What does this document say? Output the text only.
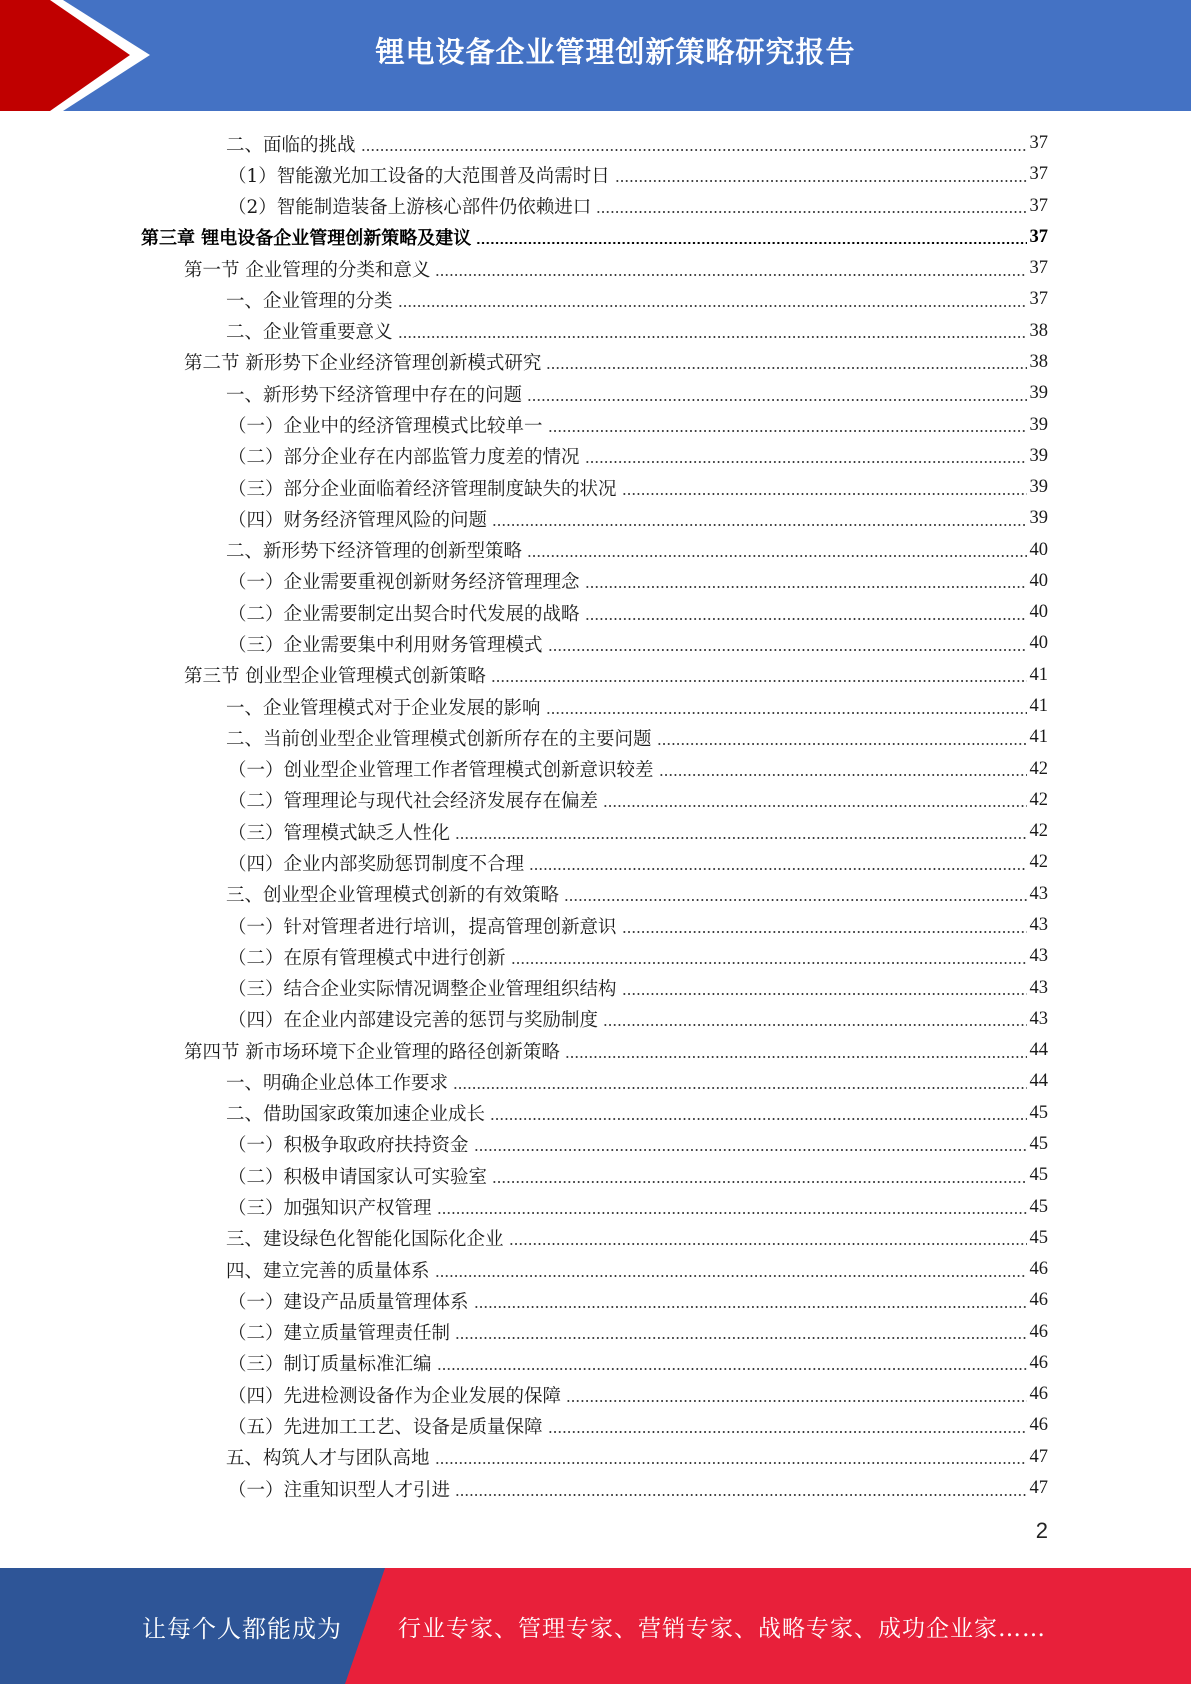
锂电设备企业管理创新策略研究报告
二、面临的挑战	37
（1）智能激光加工设备的大范围普及尚需时日	37
（2）智能制造装备上游核心部件仍依赖进口	37
第三章 锂电设备企业管理创新策略及建议	37
第一节 企业管理的分类和意义	37
一、企业管理的分类	37
二、企业管重要意义	38
第二节 新形势下企业经济管理创新模式研究	38
一、新形势下经济管理中存在的问题	39
（一）企业中的经济管理模式比较单一	39
（二）部分企业存在内部监管力度差的情况	39
（三）部分企业面临着经济管理制度缺失的状况	39
（四）财务经济管理风险的问题	39
二、新形势下经济管理的创新型策略	40
（一）企业需要重视创新财务经济管理理念	40
（二）企业需要制定出契合时代发展的战略	40
（三）企业需要集中利用财务管理模式	40
第三节 创业型企业管理模式创新策略	41
一、企业管理模式对于企业发展的影响	41
二、当前创业型企业管理模式创新所存在的主要问题	41
（一）创业型企业管理工作者管理模式创新意识较差	42
（二）管理理论与现代社会经济发展存在偏差	42
（三）管理模式缺乏人性化	42
（四）企业内部奖励惩罚制度不合理	42
三、创业型企业管理模式创新的有效策略	43
（一）针对管理者进行培训，提高管理创新意识	43
（二）在原有管理模式中进行创新	43
（三）结合企业实际情况调整企业管理组织结构	43
（四）在企业内部建设完善的惩罚与奖励制度	43
第四节 新市场环境下企业管理的路径创新策略	44
一、明确企业总体工作要求	44
二、借助国家政策加速企业成长	45
（一）积极争取政府扶持资金	45
（二）积极申请国家认可实验室	45
（三）加强知识产权管理	45
三、建设绿色化智能化国际化企业	45
四、建立完善的质量体系	46
（一）建设产品质量管理体系	46
（二）建立质量管理责任制	46
（三）制订质量标准汇编	46
（四）先进检测设备作为企业发展的保障	46
（五）先进加工工艺、设备是质量保障	46
五、构筑人才与团队高地	47
（一）注重知识型人才引进	47
2
让每个人都能成为 行业专家、管理专家、营销专家、战略专家、成功企业家……
